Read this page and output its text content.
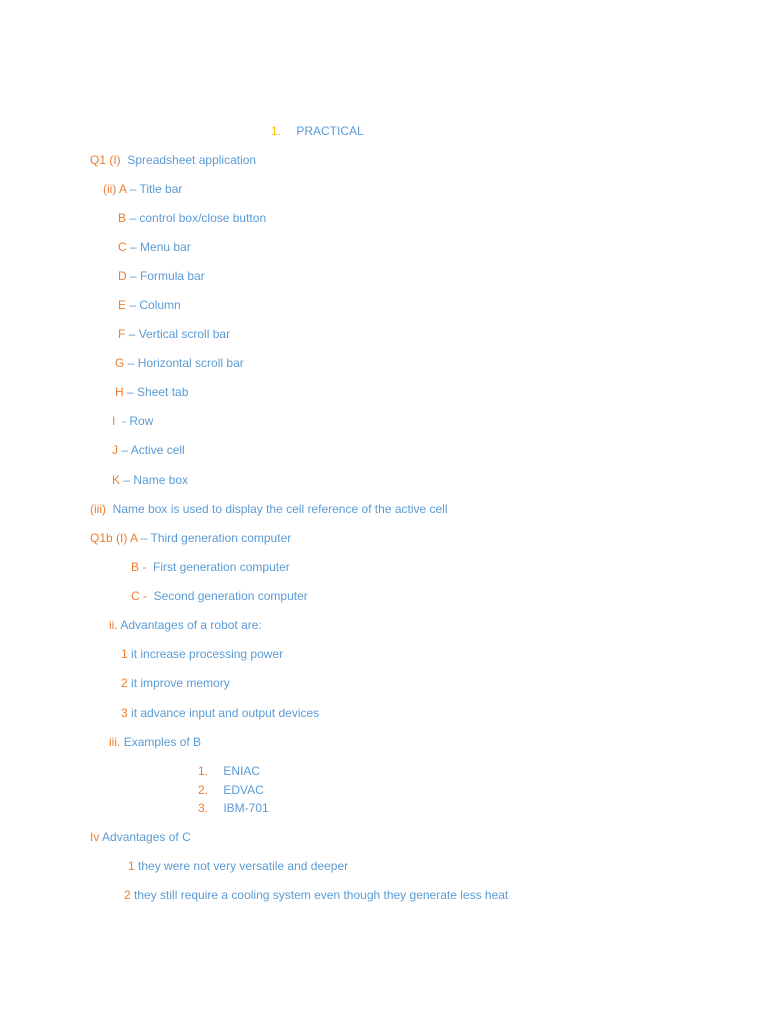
1. PRACTICAL
Q1 (I) Spreadsheet application
(ii) A – Title bar
B – control box/close button
C – Menu bar
D – Formula bar
E – Column
F – Vertical scroll bar
G – Horizontal scroll bar
H – Sheet tab
I - Row
J – Active cell
K – Name box
(iii) Name box is used to display the cell reference of the active cell
Q1b (I) A – Third generation computer
B - First generation computer
C - Second generation computer
ii. Advantages of a robot are:
1 it increase processing power
2 it improve memory
3 it advance input and output devices
iii. Examples of B
1. ENIAC
2. EDVAC
3. IBM-701
Iv Advantages of C
1 they were not very versatile and deeper
2 they still require a cooling system even though they generate less heat
